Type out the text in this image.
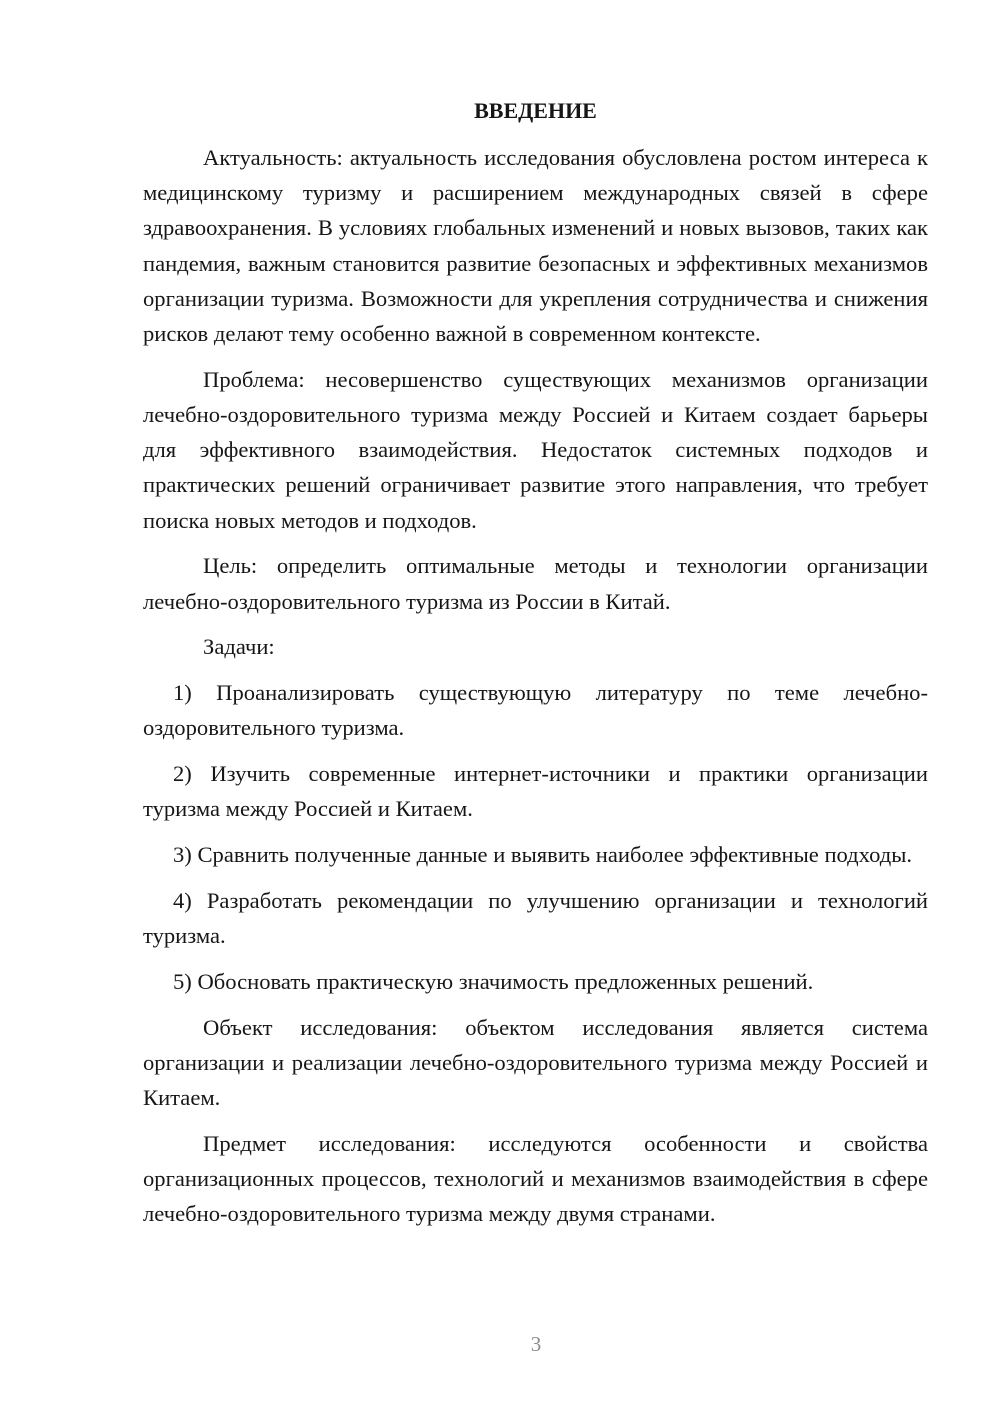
ВВЕДЕНИЕ

Актуальность: актуальность исследования обусловлена ростом интереса к медицинскому туризму и расширением международных связей в сфере здравоохранения. В условиях глобальных изменений и новых вызовов, таких как пандемия, важным становится развитие безопасных и эффективных механизмов организации туризма. Возможности для укрепления сотрудничества и снижения рисков делают тему особенно важной в современном контексте.

Проблема: несовершенство существующих механизмов организации лечебно-оздоровительного туризма между Россией и Китаем создает барьеры для эффективного взаимодействия. Недостаток системных подходов и практических решений ограничивает развитие этого направления, что требует поиска новых методов и подходов.

Цель: определить оптимальные методы и технологии организации лечебно-оздоровительного туризма из России в Китай.

Задачи:

1) Проанализировать существующую литературу по теме лечебно-оздоровительного туризма.

2) Изучить современные интернет-источники и практики организации туризма между Россией и Китаем.

3) Сравнить полученные данные и выявить наиболее эффективные подходы.

4) Разработать рекомендации по улучшению организации и технологий туризма.

5) Обосновать практическую значимость предложенных решений.

Объект исследования: объектом исследования является система организации и реализации лечебно-оздоровительного туризма между Россией и Китаем.

Предмет исследования: исследуются особенности и свойства организационных процессов, технологий и механизмов взаимодействия в сфере лечебно-оздоровительного туризма между двумя странами.

3
